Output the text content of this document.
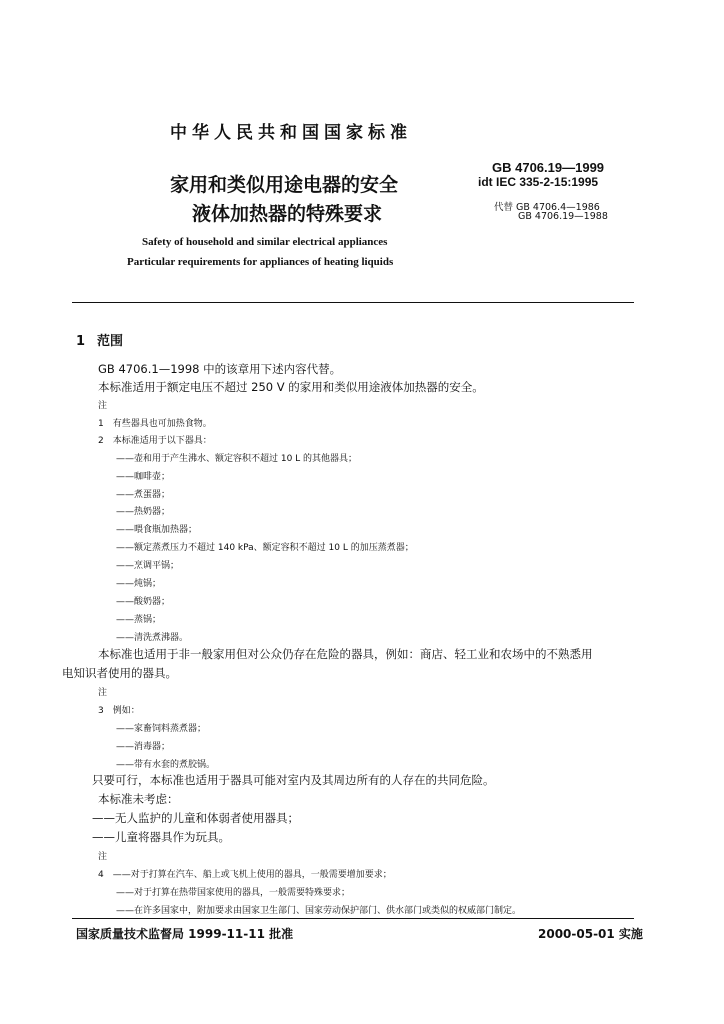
中华人民共和国国家标准
家用和类似用途电器的安全
液体加热器的特殊要求
GB 4706.19—1999
idt IEC 335-2-15:1995
代替 GB 4706.4—1986
GB 4706.19—1988
Safety of household and similar electrical appliances
Particular requirements for appliances of heating liquids
1 范围
GB 4706.1—1998 中的该章用下述内容代替。
本标准适用于额定电压不超过 250 V 的家用和类似用途液体加热器的安全。
注
1　有些器具也可加热食物。
2　本标准适用于以下器具：
——壶和用于产生沸水、额定容积不超过 10 L 的其他器具；
——咖啡壶；
——煮蛋器；
——热奶器；
——喂食瓶加热器；
——额定蒸煮压力不超过 140 kPa、额定容积不超过 10 L 的加压蒸煮器；
——烹调平锅；
——炖锅；
——酸奶器；
——蒸锅；
——清洗煮沸器。
本标准也适用于非一般家用但对公众仍存在危险的器具，例如：商店、轻工业和农场中的不熟悉用
电知识者使用的器具。
注
3　例如：
——家畜饲料蒸煮器；
——消毒器；
——带有水套的煮胶锅。
只要可行，本标准也适用于器具可能对室内及其周边所有的人存在的共同危险。
本标准未考虑：
——无人监护的儿童和体弱者使用器具；
——儿童将器具作为玩具。
注
4　——对于打算在汽车、船上或飞机上使用的器具，一般需要增加要求；
——对于打算在热带国家使用的器具，一般需要特殊要求；
——在许多国家中，附加要求由国家卫生部门、国家劳动保护部门、供水部门或类似的权威部门制定。
国家质量技术监督局 1999-11-11 批准	2000-05-01 实施
